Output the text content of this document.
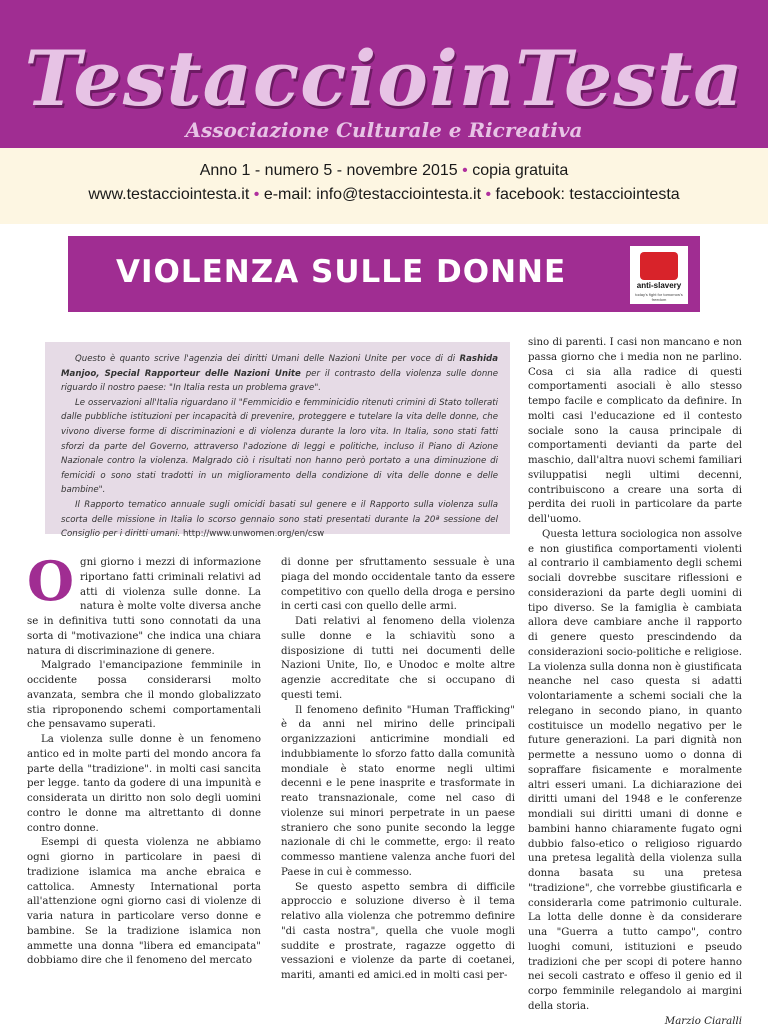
TestaccioinTesta
Associazione Culturale e Ricreativa
Anno 1 - numero 5 - novembre 2015 • copia gratuita
www.testacciointesta.it • e-mail: info@testacciointesta.it • facebook: testacciointesta
VIOLENZA SULLE DONNE	anti-slavery
today's fight for tomorrow's freedom

Questo è quanto scrive l'agenzia dei diritti Umani delle Nazioni Unite per voce di di Rashida Manjoo, Special Rapporteur delle Nazioni Unite per il contrasto della violenza sulle donne riguardo il nostro paese: "In Italia resta un problema grave".

Le osservazioni all'Italia riguardano il "Femmicidio e femminicidio ritenuti crimini di Stato tollerati dalle pubbliche istituzioni per incapacità di prevenire, proteggere e tutelare la vita delle donne, che vivono diverse forme di discriminazioni e di violenza durante la loro vita. In Italia, sono stati fatti sforzi da parte del Governo, attraverso l'adozione di leggi e politiche, incluso il Piano di Azione Nazionale contro la violenza. Malgrado ciò i risultati non hanno però portato a una diminuzione di femicidi o sono stati tradotti in un miglioramento della condizione di vita delle donne e delle bambine".

Il Rapporto tematico annuale sugli omicidi basati sul genere e il Rapporto sulla violenza sulla scorta delle missione in Italia lo scorso gennaio sono stati presentati durante la 20ª sessione del Consiglio per i diritti umani. http://www.unwomen.org/en/csw

Ogni giorno i mezzi di informazione riportano fatti criminali relativi ad atti di violenza sulle donne. La natura è molte volte diversa anche se in definitiva tutti sono connotati da una sorta di "motivazione" che indica una chiara natura di discriminazione di genere.

Malgrado l'emancipazione femminile in occidente possa considerarsi molto avanzata, sembra che il mondo globalizzato stia riproponendo schemi comportamentali che pensavamo superati.

La violenza sulle donne è un fenomeno antico ed in molte parti del mondo ancora fa parte della "tradizione". in molti casi sancita per legge. tanto da godere di una impunità e considerata un diritto non solo degli uomini contro le donne ma altrettanto di donne contro donne.

Esempi di questa violenza ne abbiamo ogni giorno in particolare in paesi di tradizione islamica ma anche ebraica e cattolica. Amnesty International porta all'attenzione ogni giorno casi di violenze di varia natura in particolare verso donne e bambine. Se la tradizione islamica non ammette una donna "libera ed emancipata" dobbiamo dire che il fenomeno del mercato

di donne per sfruttamento sessuale è una piaga del mondo occidentale tanto da essere competitivo con quello della droga e persino in certi casi con quello delle armi.

Dati relativi al fenomeno della violenza sulle donne e la schiavitù sono a disposizione di tutti nei documenti delle Nazioni Unite, Ilo, e Unodoc e molte altre agenzie accreditate che si occupano di questi temi.

Il fenomeno definito "Human Trafficking" è da anni nel mirino delle principali organizzazioni anticrimine mondiali ed indubbiamente lo sforzo fatto dalla comunità mondiale è stato enorme negli ultimi decenni e le pene inasprite e trasformate in reato transnazionale, come nel caso di violenze sui minori perpetrate in un paese straniero che sono punite secondo la legge nazionale di chi le commette, ergo: il reato commesso mantiene valenza anche fuori del Paese in cui è commesso.

Se questo aspetto sembra di difficile approccio e soluzione diverso è il tema relativo alla violenza che potremmo definire "di casta nostra", quella che vuole mogli suddite e prostrate, ragazze oggetto di vessazioni e violenze da parte di coetanei, mariti, amanti ed amici.ed in molti casi per-

sino di parenti. I casi non mancano e non passa giorno che i media non ne parlino. Cosa ci sia alla radice di questi comportamenti asociali è allo stesso tempo facile e complicato da definire. In molti casi l'educazione ed il contesto sociale sono la causa principale di comportamenti devianti da parte del maschio, dall'altra nuovi schemi familiari sviluppatisi negli ultimi decenni, contribuiscono a creare una sorta di perdita dei ruoli in particolare da parte dell'uomo.

Questa lettura sociologica non assolve e non giustifica comportamenti violenti al contrario il cambiamento degli schemi sociali dovrebbe suscitare riflessioni e considerazioni da parte degli uomini di tipo diverso. Se la famiglia è cambiata allora deve cambiare anche il rapporto di genere questo prescindendo da considerazioni socio-politiche e religiose. La violenza sulla donna non è giustificata neanche nel caso questa si adatti volontariamente a schemi sociali che la relegano in secondo piano, in quanto costituisce un modello negativo per le future generazioni. La pari dignità non permette a nessuno uomo o donna di sopraffare fisicamente e moralmente altri esseri umani. La dichiarazione dei diritti umani del 1948 e le conferenze mondiali sui diritti umani di donne e bambini hanno chiaramente fugato ogni dubbio falso-etico o religioso riguardo una pretesa legalità della violenza sulla donna basata su una pretesa "tradizione", che vorrebbe giustificarla e considerarla come patrimonio culturale. La lotta delle donne è da considerare una "Guerra a tutto campo", contro luoghi comuni, istituzioni e pseudo tradizioni che per scopi di potere hanno nei secoli castrato e offeso il genio ed il corpo femminile relegandolo ai margini della storia.

Marzio Ciaralli
